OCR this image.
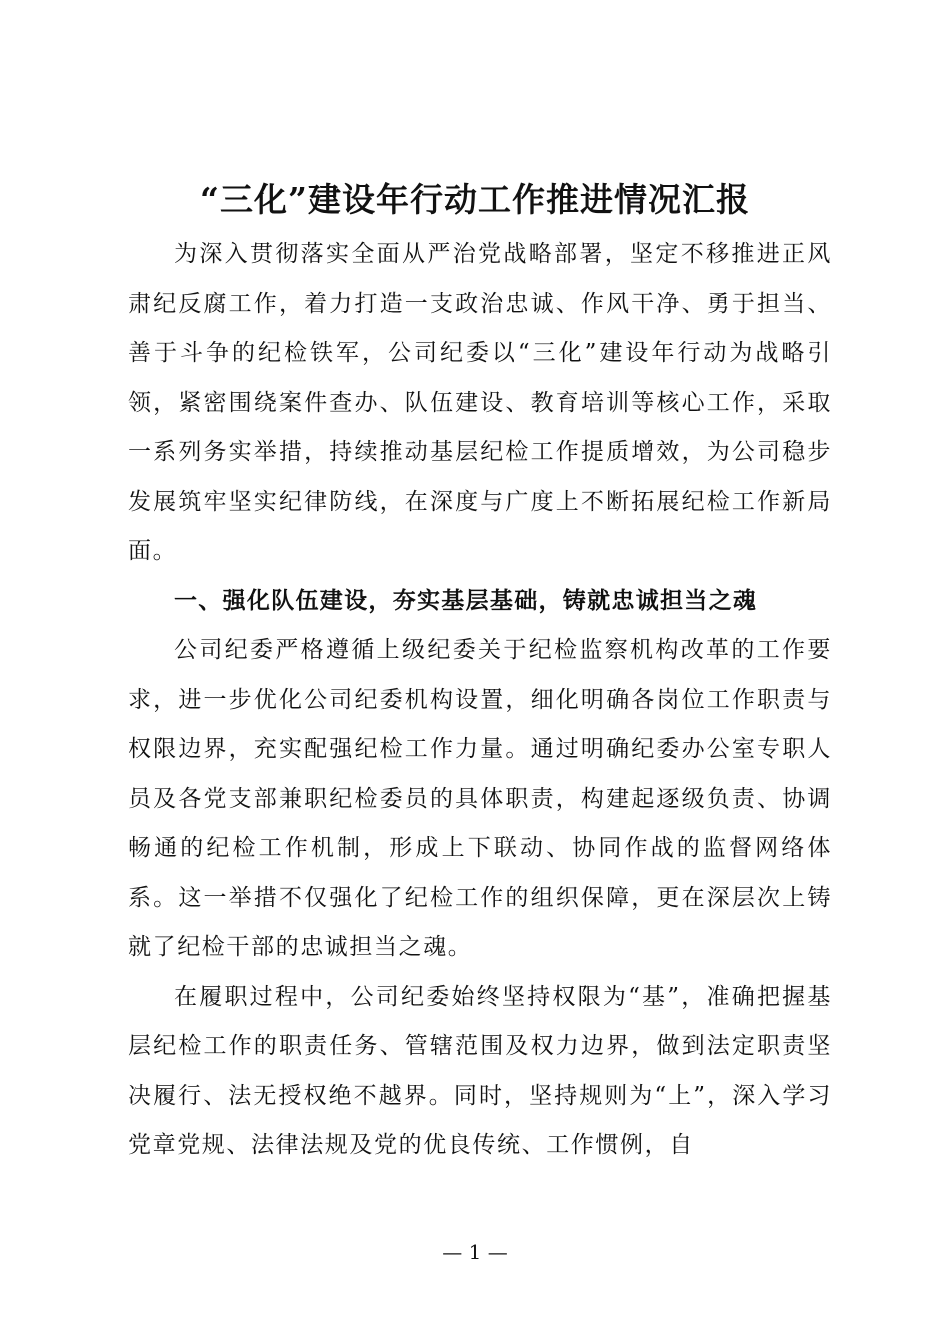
“三化”建设年行动工作推进情况汇报

为深入贯彻落实全面从严治党战略部署，坚定不移推进正风肃纪反腐工作，着力打造一支政治忠诚、作风干净、勇于担当、善于斗争的纪检铁军，公司纪委以“三化”建设年行动为战略引领，紧密围绕案件查办、队伍建设、教育培训等核心工作，采取一系列务实举措，持续推动基层纪检工作提质增效，为公司稳步发展筑牢坚实纪律防线，在深度与广度上不断拓展纪检工作新局面。

一、强化队伍建设，夯实基层基础，铸就忠诚担当之魂

公司纪委严格遵循上级纪委关于纪检监察机构改革的工作要求，进一步优化公司纪委机构设置，细化明确各岗位工作职责与权限边界，充实配强纪检工作力量。通过明确纪委办公室专职人员及各党支部兼职纪检委员的具体职责，构建起逐级负责、协调畅通的纪检工作机制，形成上下联动、协同作战的监督网络体系。这一举措不仅强化了纪检工作的组织保障，更在深层次上铸就了纪检干部的忠诚担当之魂。

在履职过程中，公司纪委始终坚持权限为“基”，准确把握基层纪检工作的职责任务、管辖范围及权力边界，做到法定职责坚决履行、法无授权绝不越界。同时，坚持规则为“上”，深入学习党章党规、法律法规及党的优良传统、工作惯例，自

— 1 —
